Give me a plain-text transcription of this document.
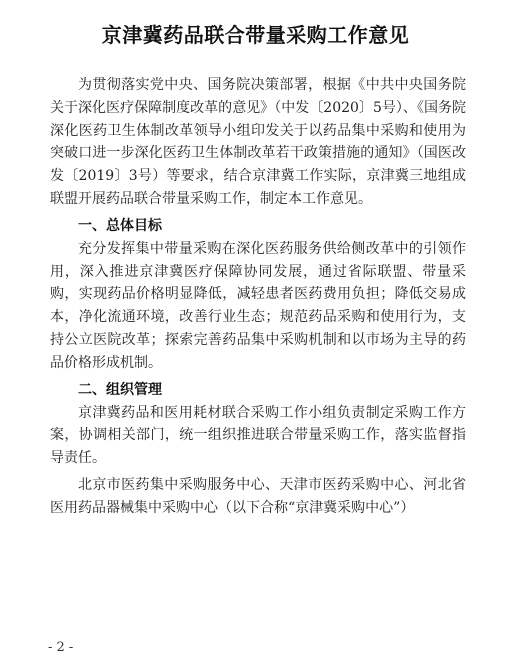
京津冀药品联合带量采购工作意见

为贯彻落实党中央、国务院决策部署，根据《中共中央国务院关于深化医疗保障制度改革的意见》（中发〔2020〕5号）、《国务院深化医药卫生体制改革领导小组印发关于以药品集中采购和使用为突破口进一步深化医药卫生体制改革若干政策措施的通知》（国医改发〔2019〕3号）等要求，结合京津冀工作实际，京津冀三地组成联盟开展药品联合带量采购工作，制定本工作意见。

一、总体目标

充分发挥集中带量采购在深化医药服务供给侧改革中的引领作用，深入推进京津冀医疗保障协同发展，通过省际联盟、带量采购，实现药品价格明显降低，减轻患者医药费用负担；降低交易成本，净化流通环境，改善行业生态；规范药品采购和使用行为，支持公立医院改革；探索完善药品集中采购机制和以市场为主导的药品价格形成机制。

二、组织管理

京津冀药品和医用耗材联合采购工作小组负责制定采购工作方案，协调相关部门，统一组织推进联合带量采购工作，落实监督指导责任。

北京市医药集中采购服务中心、天津市医药采购中心、河北省医用药品器械集中采购中心（以下合称“京津冀采购中心”）

- 2 -
